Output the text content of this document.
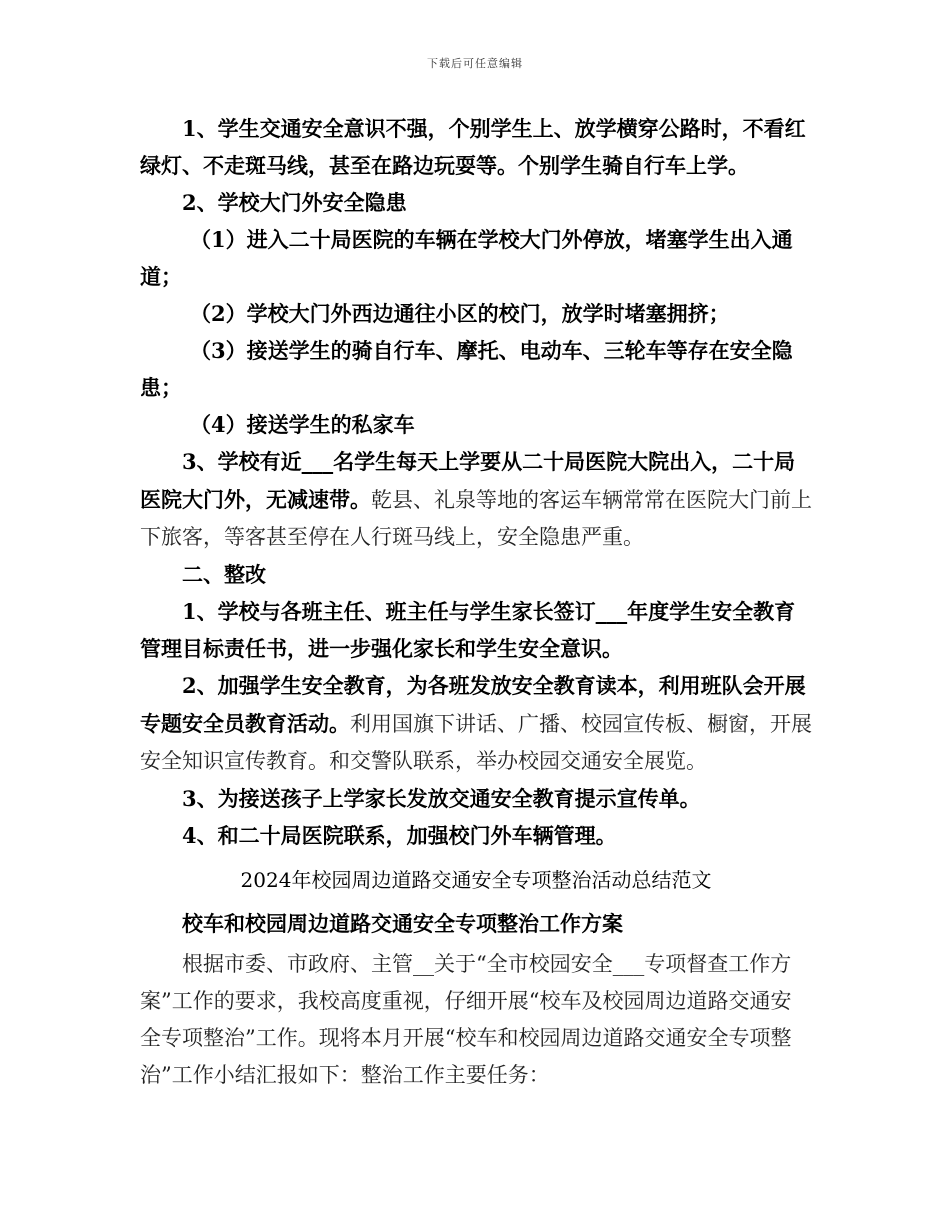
下载后可任意编辑

1、学生交通安全意识不强，个别学生上、放学横穿公路时，不看红绿灯、不走斑马线，甚至在路边玩耍等。个别学生骑自行车上学。

2、学校大门外安全隐患

（1）进入二十局医院的车辆在学校大门外停放，堵塞学生出入通道；

（2）学校大门外西边通往小区的校门，放学时堵塞拥挤；

（3）接送学生的骑自行车、摩托、电动车、三轮车等存在安全隐患；

（4）接送学生的私家车

3、学校有近___名学生每天上学要从二十局医院大院出入，二十局医院大门外，无减速带。乾县、礼泉等地的客运车辆常常在医院大门前上下旅客，等客甚至停在人行斑马线上，安全隐患严重。

二、整改

1、学校与各班主任、班主任与学生家长签订___年度学生安全教育管理目标责任书，进一步强化家长和学生安全意识。

2、加强学生安全教育，为各班发放安全教育读本，利用班队会开展专题安全员教育活动。利用国旗下讲话、广播、校园宣传板、橱窗，开展安全知识宣传教育。和交警队联系，举办校园交通安全展览。

3、为接送孩子上学家长发放交通安全教育提示宣传单。

4、和二十局医院联系，加强校门外车辆管理。

2024年校园周边道路交通安全专项整治活动总结范文

校车和校园周边道路交通安全专项整治工作方案

根据市委、市政府、主管__关于“全市校园安全___专项督查工作方案”工作的要求，我校高度重视，仔细开展“校车及校园周边道路交通安全专项整治”工作。现将本月开展“校车和校园周边道路交通安全专项整治”工作小结汇报如下：整治工作主要任务：
